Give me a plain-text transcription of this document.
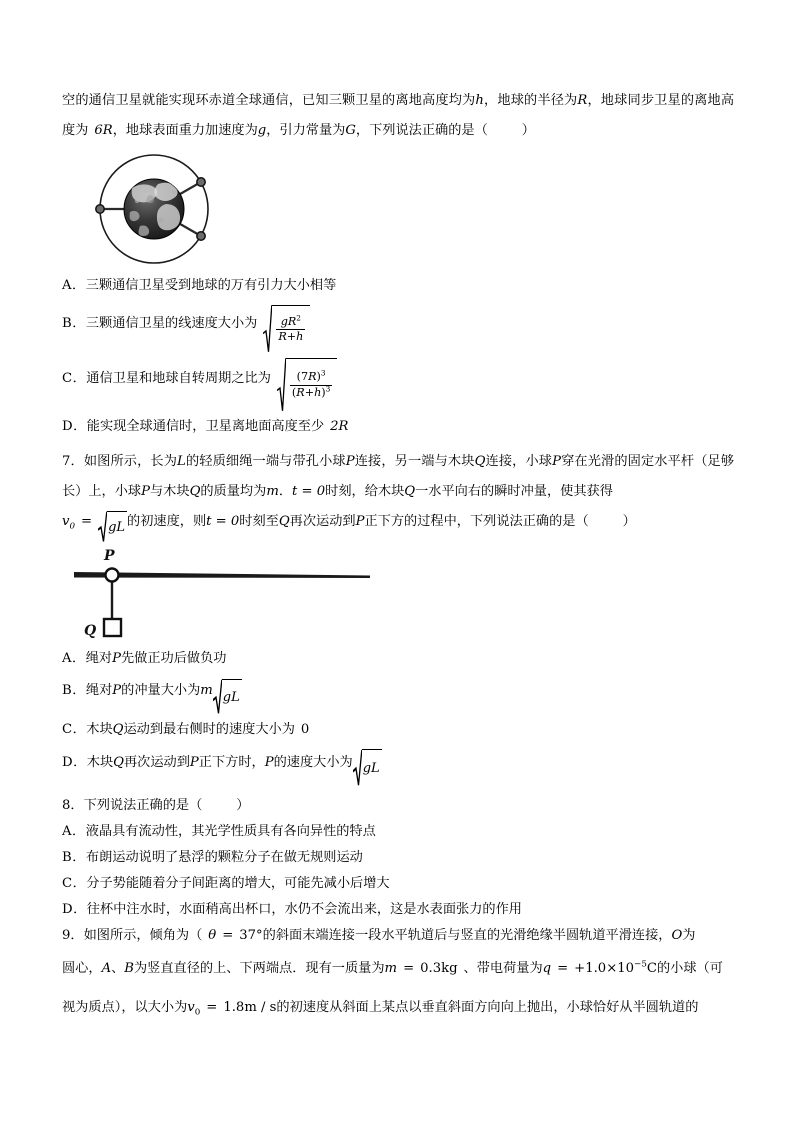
空的通信卫星就能实现环赤道全球通信，已知三颗卫星的离地高度均为h，地球的半径为R，地球同步卫星的离地高度为 6R，地球表面重力加速度为g，引力常量为G，下列说法正确的是（	）

A．三颗通信卫星受到地球的万有引力大小相等

B．三颗通信卫星的线速度大小为 $\frac{gR^2}{R+h}$

C．通信卫星和地球自转周期之比为 $\frac{(7R)^3}{(R+h)^3}$

D．能实现全球通信时，卫星离地面高度至少 2R

7．如图所示，长为L的轻质细绳一端与带孔小球P连接，另一端与木块Q连接，小球P穿在光滑的固定水平杆（足够长）上，小球P与木块Q的质量均为m．t = 0时刻，给木块Q一水平向右的瞬时冲量，使其获得

$v_0$ = gL 的初速度，则t = 0时刻至Q再次运动到P正下方的过程中，下列说法正确的是（	）

P
Q

A．绳对P先做正功后做负功

B．绳对P的冲量大小为m gL

C．木块Q运动到最右侧时的速度大小为 0

D．木块Q再次运动到P正下方时，P的速度大小为 gL

8．下列说法正确的是（	）

A．液晶具有流动性，其光学性质具有各向异性的特点

B．布朗运动说明了悬浮的颗粒分子在做无规则运动

C．分子势能随着分子间距离的增大，可能先减小后增大

D．往杯中注水时，水面稍高出杯口，水仍不会流出来，这是水表面张力的作用

9．如图所示，倾角为（ θ = 37°的斜面末端连接一段水平轨道后与竖直的光滑绝缘半圆轨道平滑连接，O为

圆心，A、B为竖直直径的上、下两端点．现有一质量为m = 0.3kg 、带电荷量为$q = +1.0\times 10^{-5}C$的小球（可

视为质点），以大小为$v_0 = 1.8m / s$的初速度从斜面上某点以垂直斜面方向向上抛出，小球恰好从半圆轨道的
